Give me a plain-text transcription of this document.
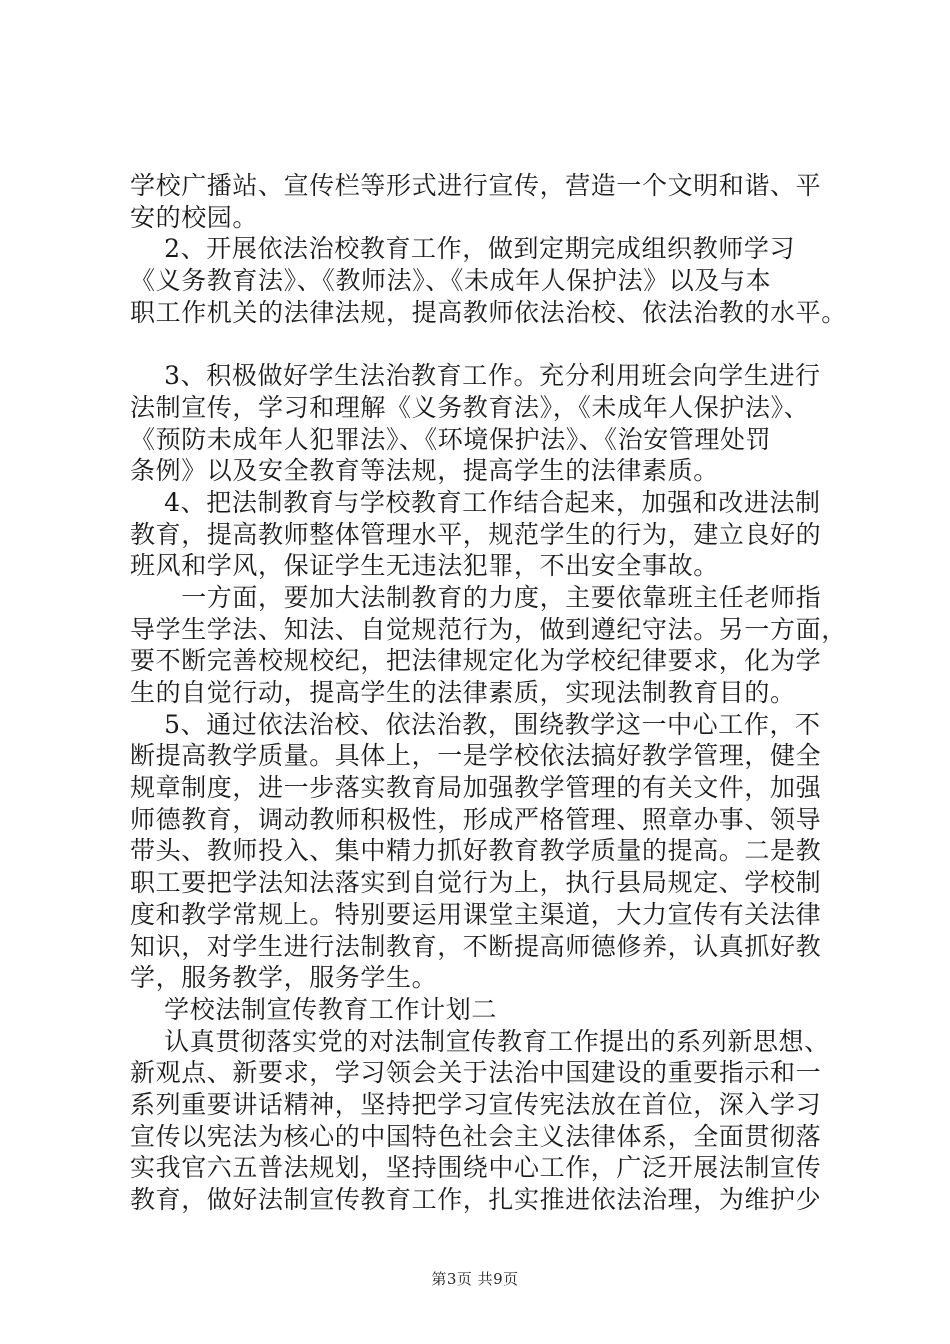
学校广播站、宣传栏等形式进行宣传，营造一个文明和谐、平
安的校园。
　 2、开展依法治校教育工作，做到定期完成组织教师学习
《义务教育法》、《教师法》、《未成年人保护法》以及与本
职工作机关的法律法规，提高教师依法治校、依法治教的水平。
　 3、积极做好学生法治教育工作。充分利用班会向学生进行
法制宣传，学习和理解《义务教育法》，《未成年人保护法》、
《预防未成年人犯罪法》、《环境保护法》、《治安管理处罚
条例》以及安全教育等法规，提高学生的法律素质。
　 4、把法制教育与学校教育工作结合起来，加强和改进法制
教育，提高教师整体管理水平，规范学生的行为，建立良好的
班风和学风，保证学生无违法犯罪，不出安全事故。
　　一方面，要加大法制教育的力度，主要依靠班主任老师指
导学生学法、知法、自觉规范行为，做到遵纪守法。另一方面，
要不断完善校规校纪，把法律规定化为学校纪律要求，化为学
生的自觉行动，提高学生的法律素质，实现法制教育目的。
　 5、通过依法治校、依法治教，围绕教学这一中心工作，不
断提高教学质量。具体上，一是学校依法搞好教学管理，健全
规章制度，进一步落实教育局加强教学管理的有关文件，加强
师德教育，调动教师积极性，形成严格管理、照章办事、领导
带头、教师投入、集中精力抓好教育教学质量的提高。二是教
职工要把学法知法落实到自觉行为上，执行县局规定、学校制
度和教学常规上。特别要运用课堂主渠道，大力宣传有关法律
知识，对学生进行法制教育，不断提高师德修养，认真抓好教
学，服务教学，服务学生。
　 学校法制宣传教育工作计划二
　 认真贯彻落实党的对法制宣传教育工作提出的系列新思想、
新观点、新要求，学习领会关于法治中国建设的重要指示和一
系列重要讲话精神，坚持把学习宣传宪法放在首位，深入学习
宣传以宪法为核心的中国特色社会主义法律体系，全面贯彻落
实我官六五普法规划，坚持围绕中心工作，广泛开展法制宣传
教育，做好法制宣传教育工作，扎实推进依法治理，为维护少
第3页 共9页
